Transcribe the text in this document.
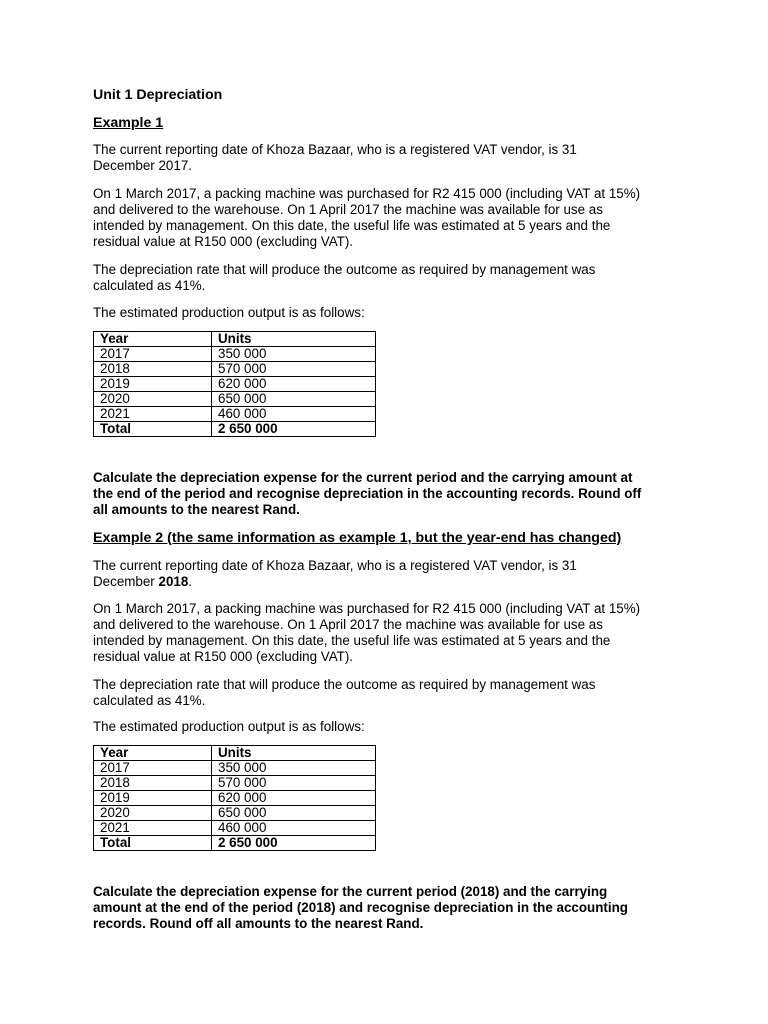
Unit 1 Depreciation
Example 1

The current reporting date of Khoza Bazaar, who is a registered VAT vendor, is 31
December 2017.

On 1 March 2017, a packing machine was purchased for R2 415 000 (including VAT at 15%)
and delivered to the warehouse. On 1 April 2017 the machine was available for use as
intended by management. On this date, the useful life was estimated at 5 years and the
residual value at R150 000 (excluding VAT).

The depreciation rate that will produce the outcome as required by management was
calculated as 41%.

The estimated production output is as follows:

Year	Units
2017	350 000
2018	570 000
2019	620 000
2020	650 000
2021	460 000
Total	2 650 000

Calculate the depreciation expense for the current period and the carrying amount at
the end of the period and recognise depreciation in the accounting records. Round off
all amounts to the nearest Rand.

Example 2 (the same information as example 1, but the year-end has changed)

The current reporting date of Khoza Bazaar, who is a registered VAT vendor, is 31
December 2018.

On 1 March 2017, a packing machine was purchased for R2 415 000 (including VAT at 15%)
and delivered to the warehouse. On 1 April 2017 the machine was available for use as
intended by management. On this date, the useful life was estimated at 5 years and the
residual value at R150 000 (excluding VAT).

The depreciation rate that will produce the outcome as required by management was
calculated as 41%.

The estimated production output is as follows:

Year	Units
2017	350 000
2018	570 000
2019	620 000
2020	650 000
2021	460 000
Total	2 650 000

Calculate the depreciation expense for the current period (2018) and the carrying
amount at the end of the period (2018) and recognise depreciation in the accounting
records. Round off all amounts to the nearest Rand.
